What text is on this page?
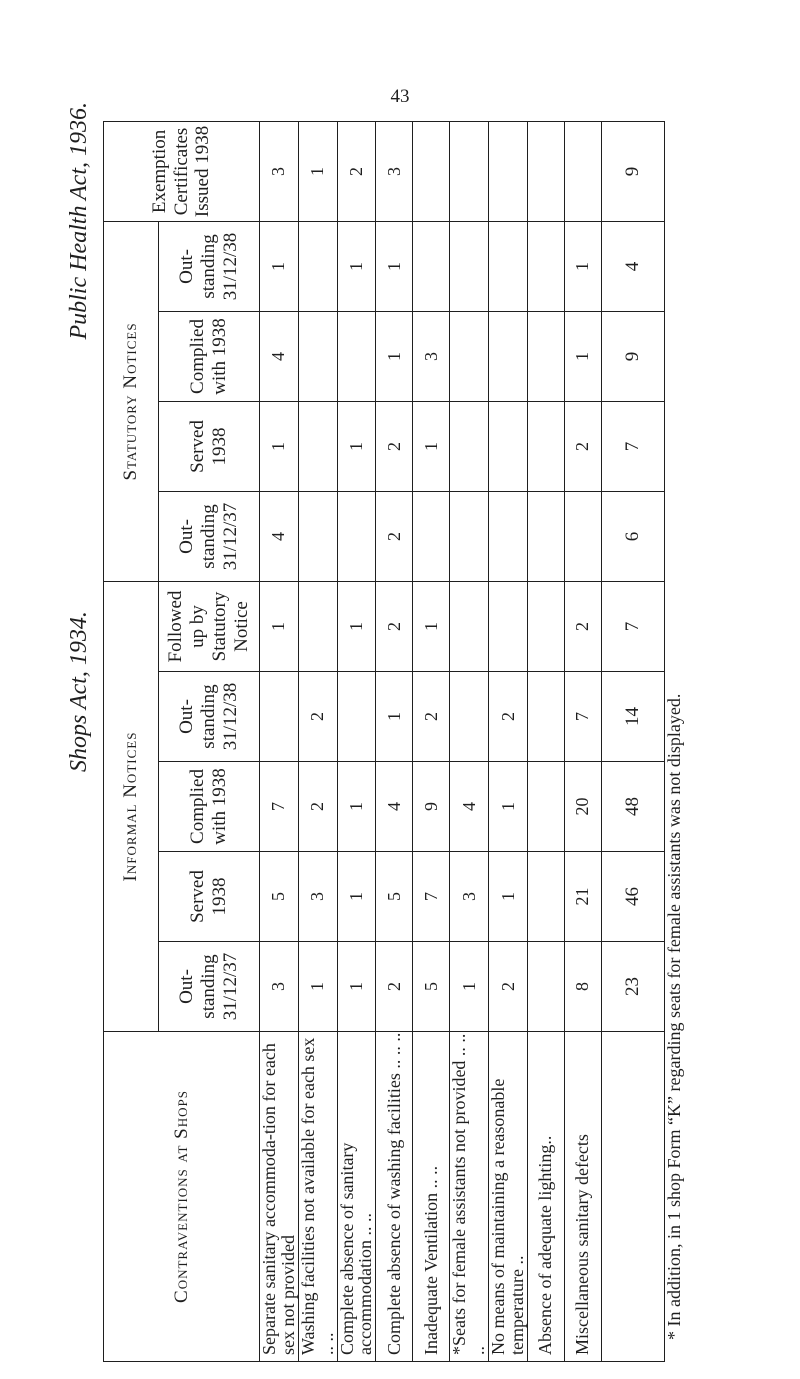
43
Shops Act, 1934.
Public Health Act, 1936.
Contraventions at Shops	Informal Notices					Statutory Notices				Exemption Certificates Issued 1938
	Out-standing 31/12/37	Served 1938	Complied with 1938	Out-standing 31/12/38	Followed up by Statutory Notice	Out-standing 31/12/37	Served 1938	Complied with 1938	Out-standing 31/12/38	
Separate sanitary accommoda-tion for each sex not provided	3	5	7		1	4	1	4	1	3
Washing facilities not available for each sex .. ..	1	3	2	2						1
Complete absence of sanitary accommodation .. ..	1	1	1		1		1		1	2
Complete absence of washing facilities .. .. ..	2	5	4	1	2	2	2	1	1	3
Inadequate Ventilation .. ..	5	7	9	2	1		1	3		
*Seats for female assistants not provided .. .. ..	1	3	4							
No means of maintaining a reasonable temperature ..	2	1	1	2						
Absence of adequate lighting..										
Miscellaneous sanitary defects	8	21	20	7	2		2	1	1	
	23	46	48	14	7	6	7	9	4	9
* In addition, in 1 shop Form “K” regarding seats for female assistants was not displayed.
